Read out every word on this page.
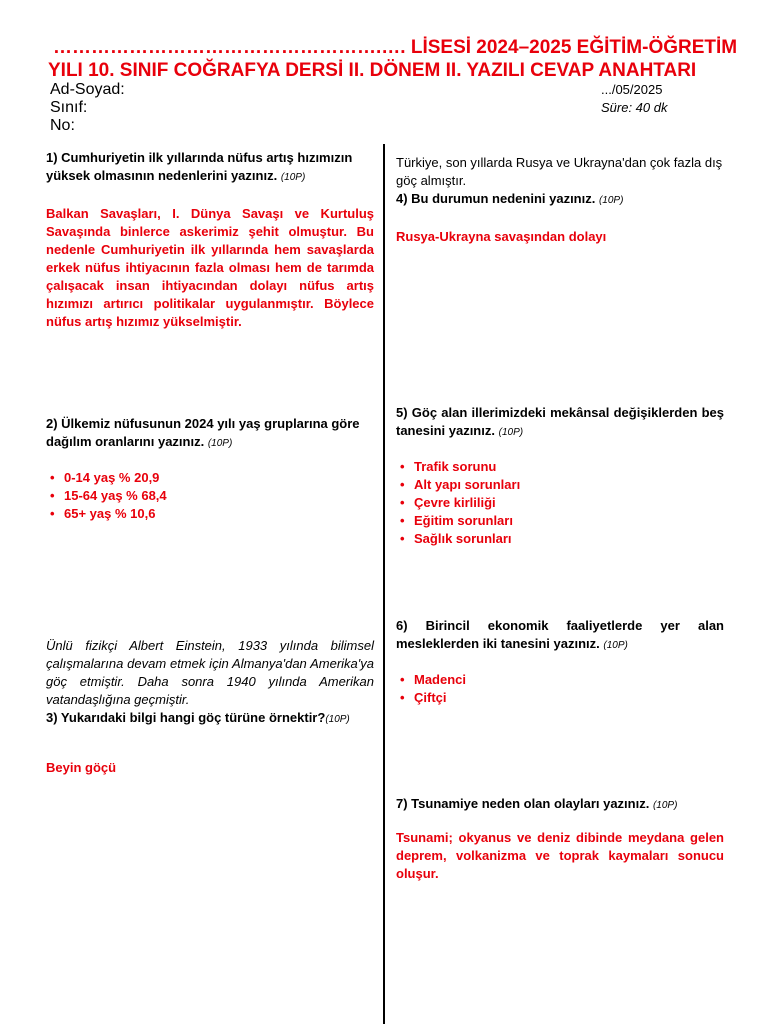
…………………………………………….…. LİSESİ 2024–2025 EĞİTİM-ÖĞRETİM
YILI 10. SINIF COĞRAFYA DERSİ II. DÖNEM II. YAZILI CEVAP ANAHTARI
Ad-Soyad:
Sınıf:
No:
.../05/2025
Süre: 40 dk
1) Cumhuriyetin ilk yıllarında nüfus artış hızımızın yüksek olmasının nedenlerini yazınız. (10P)
Balkan Savaşları, I. Dünya Savaşı ve Kurtuluş Savaşında binlerce askerimiz şehit olmuştur. Bu nedenle Cumhuriyetin ilk yıllarında hem savaşlarda erkek nüfus ihtiyacının fazla olması hem de tarımda çalışacak insan ihtiyacından dolayı nüfus artış hızımızı artırıcı politikalar uygulanmıştır. Böylece nüfus artış hızımız yükselmiştir.
2) Ülkemiz nüfusunun 2024 yılı yaş gruplarına göre dağılım oranlarını yazınız. (10P)
• 0-14 yaş % 20,9
• 15-64 yaş % 68,4
• 65+ yaş % 10,6
Ünlü fizikçi Albert Einstein, 1933 yılında bilimsel çalışmalarına devam etmek için Almanya'dan Amerika'ya göç etmiştir. Daha sonra 1940 yılında Amerikan vatandaşlığına geçmiştir.
3) Yukarıdaki bilgi hangi göç türüne örnektir?(10P)
Beyin göçü
Türkiye, son yıllarda Rusya ve Ukrayna'dan çok fazla dış göç almıştır.
4) Bu durumun nedenini yazınız. (10P)
Rusya-Ukrayna savaşından dolayı
5) Göç alan illerimizdeki mekânsal değişiklerden beş tanesini yazınız. (10P)
• Trafik sorunu
• Alt yapı sorunları
• Çevre kirliliği
• Eğitim sorunları
• Sağlık sorunları
6) Birincil ekonomik faaliyetlerde yer alan mesleklerden iki tanesini yazınız. (10P)
• Madenci
• Çiftçi
7) Tsunamiye neden olan olayları yazınız. (10P)
Tsunami; okyanus ve deniz dibinde meydana gelen deprem, volkanizma ve toprak kaymaları sonucu oluşur.
